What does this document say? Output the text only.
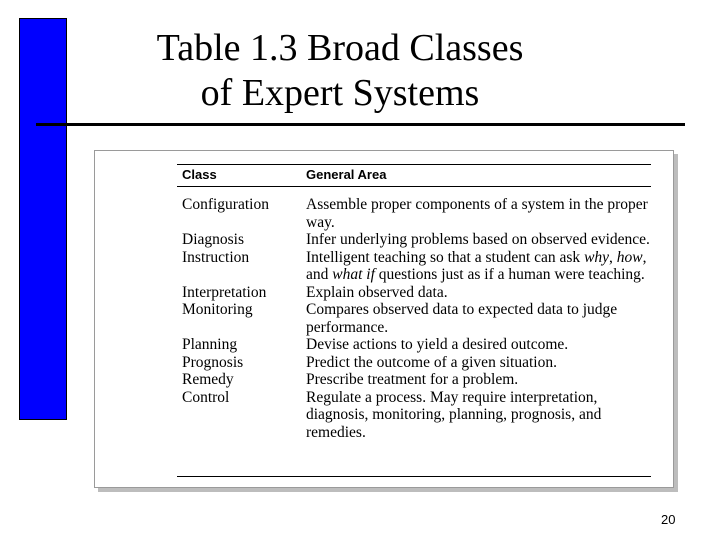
Table 1.3 Broad Classes
of Expert Systems
Class	General Area
Configuration	Assemble proper components of a system in the proper way.
Diagnosis	Infer underlying problems based on observed evidence.
Instruction	Intelligent teaching so that a student can ask why, how, and what if questions just as if a human were teaching.
Interpretation	Explain observed data.
Monitoring	Compares observed data to expected data to judge performance.
Planning	Devise actions to yield a desired outcome.
Prognosis	Predict the outcome of a given situation.
Remedy	Prescribe treatment for a problem.
Control	Regulate a process. May require interpretation, diagnosis, monitoring, planning, prognosis, and remedies.
20
